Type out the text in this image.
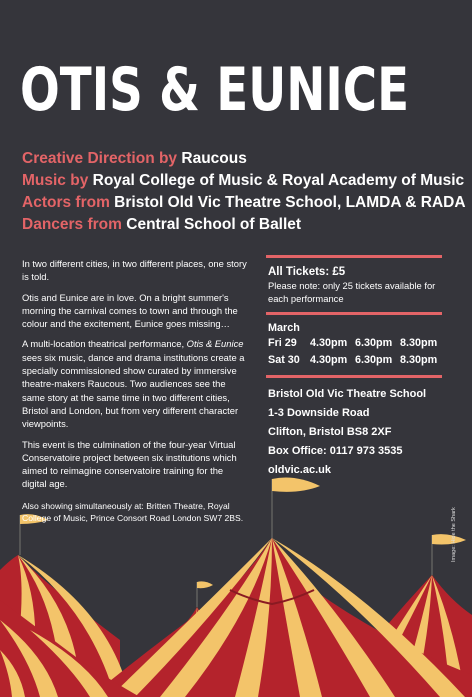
OTIS & EUNICE
Creative Direction by Raucous
Music by Royal College of Music & Royal Academy of Music
Actors from Bristol Old Vic Theatre School, LAMDA & RADA
Dancers from Central School of Ballet

In two different cities, in two different places, one story is told.

Otis and Eunice are in love. On a bright summer's morning the carnival comes to town and through the colour and the excitement, Eunice goes missing…

A multi-location theatrical performance, Otis & Eunice sees six music, dance and drama institutions create a specially commissioned show curated by immersive theatre-makers Raucous. Two audiences see the same story at the same time in two different cities, Bristol and London, but from very different character viewpoints.

This event is the culmination of the four-year Virtual Conservatoire project between six institutions which aimed to reimagine conservatoire training for the digital age.

Also showing simultaneously at: Britten Theatre, Royal College of Music, Prince Consort Road London SW7 2BS.

All Tickets: £5
Please note: only 25 tickets available for each performance
March
Fri 29	4.30pm	6.30pm	8.30pm
Sat 30	4.30pm	6.30pm	8.30pm
Bristol Old Vic Theatre School
1-3 Downside Road
Clifton, Bristol BS8 2XF
Box Office: 0117 973 3535
oldvic.ac.uk
Image: Hide the Shark
